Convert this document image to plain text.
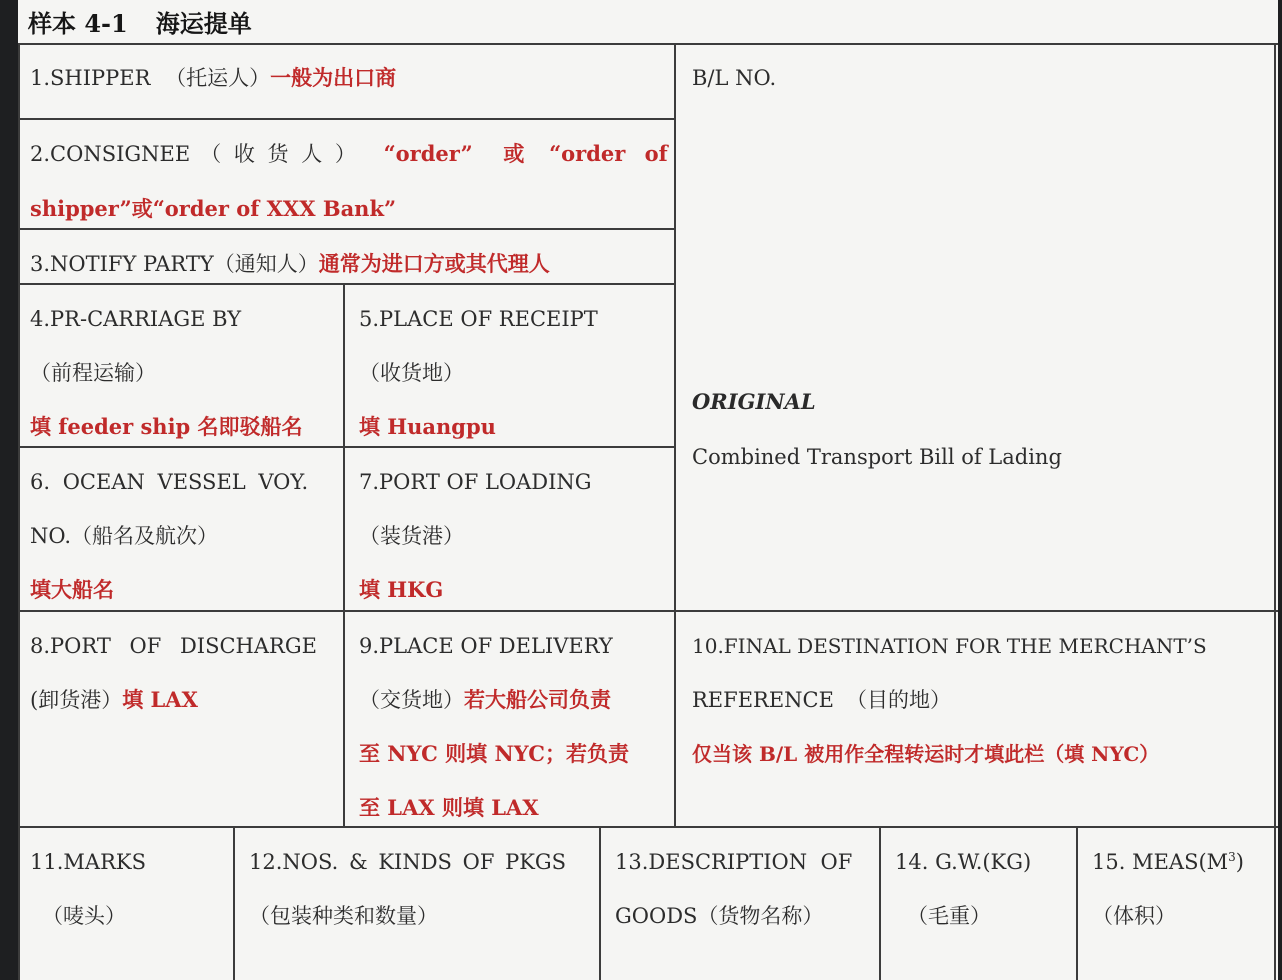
样本 4-1 海运提单
1.SHIPPER （托运人）一般为出口商	B/L NO.
2.CONSIGNEE （ 收 货 人 ） “order” 或 “order of
shipper”或“order of XXX Bank”
3.NOTIFY PARTY（通知人）通常为进口方或其代理人
4.PR-CARRIAGE BY
（前程运输）
填 feeder ship 名即驳船名
5.PLACE OF RECEIPT
（收货地）
填 Huangpu
ORIGINAL
Combined Transport Bill of Lading
6. OCEAN VESSEL VOY.
NO.（船名及航次）
填大船名
7.PORT OF LOADING
（装货港）
填 HKG
8.PORT OF DISCHARGE
(卸货港）填 LAX
9.PLACE OF DELIVERY
（交货地）若大船公司负责
至 NYC 则填 NYC；若负责
至 LAX 则填 LAX
10.FINAL DESTINATION FOR THE MERCHANT’S
REFERENCE （目的地）
仅当该 B/L 被用作全程转运时才填此栏（填 NYC）
11.MARKS
（唛头）
12.NOS. & KINDS OF PKGS
（包装种类和数量）
13.DESCRIPTION  OF
GOODS（货物名称）
14. G.W.(KG)
（毛重）
15. $MEAS(M^3)$
（体积）
